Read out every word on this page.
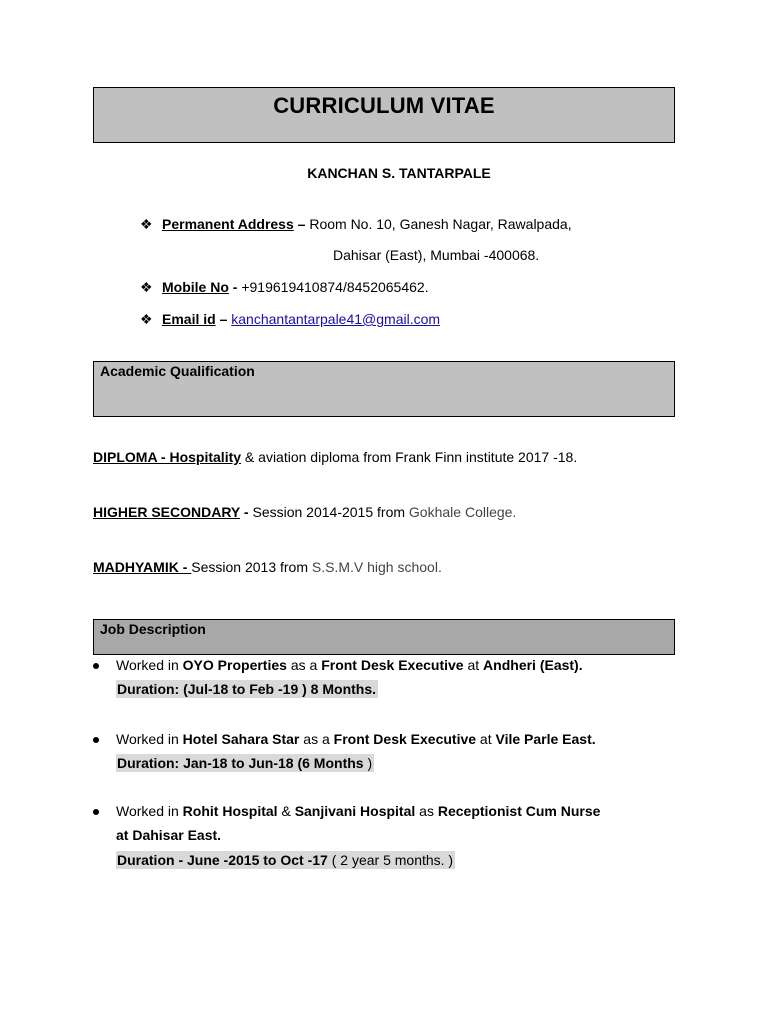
CURRICULUM VITAE
KANCHAN S. TANTARPALE
❖ Permanent Address – Room No. 10, Ganesh Nagar, Rawalpada,
Dahisar (East), Mumbai -400068.
❖ Mobile No - +919619410874/8452065462.
❖ Email id – kanchantantarpale41@gmail.com
Academic Qualification
DIPLOMA - Hospitality & aviation diploma from Frank Finn institute 2017 -18.
HIGHER SECONDARY - Session 2014-2015 from Gokhale College.
MADHYAMIK - Session 2013 from S.S.M.V high school.
Job Description
Worked in OYO Properties as a Front Desk Executive at Andheri (East).
Duration: (Jul-18 to Feb -19 ) 8 Months.
Worked in Hotel Sahara Star as a Front Desk Executive at Vile Parle East.
Duration: Jan-18 to Jun-18 (6 Months )
Worked in Rohit Hospital & Sanjivani Hospital as Receptionist Cum Nurse
at Dahisar East.
Duration - June -2015 to Oct -17 ( 2 year 5 months. )
